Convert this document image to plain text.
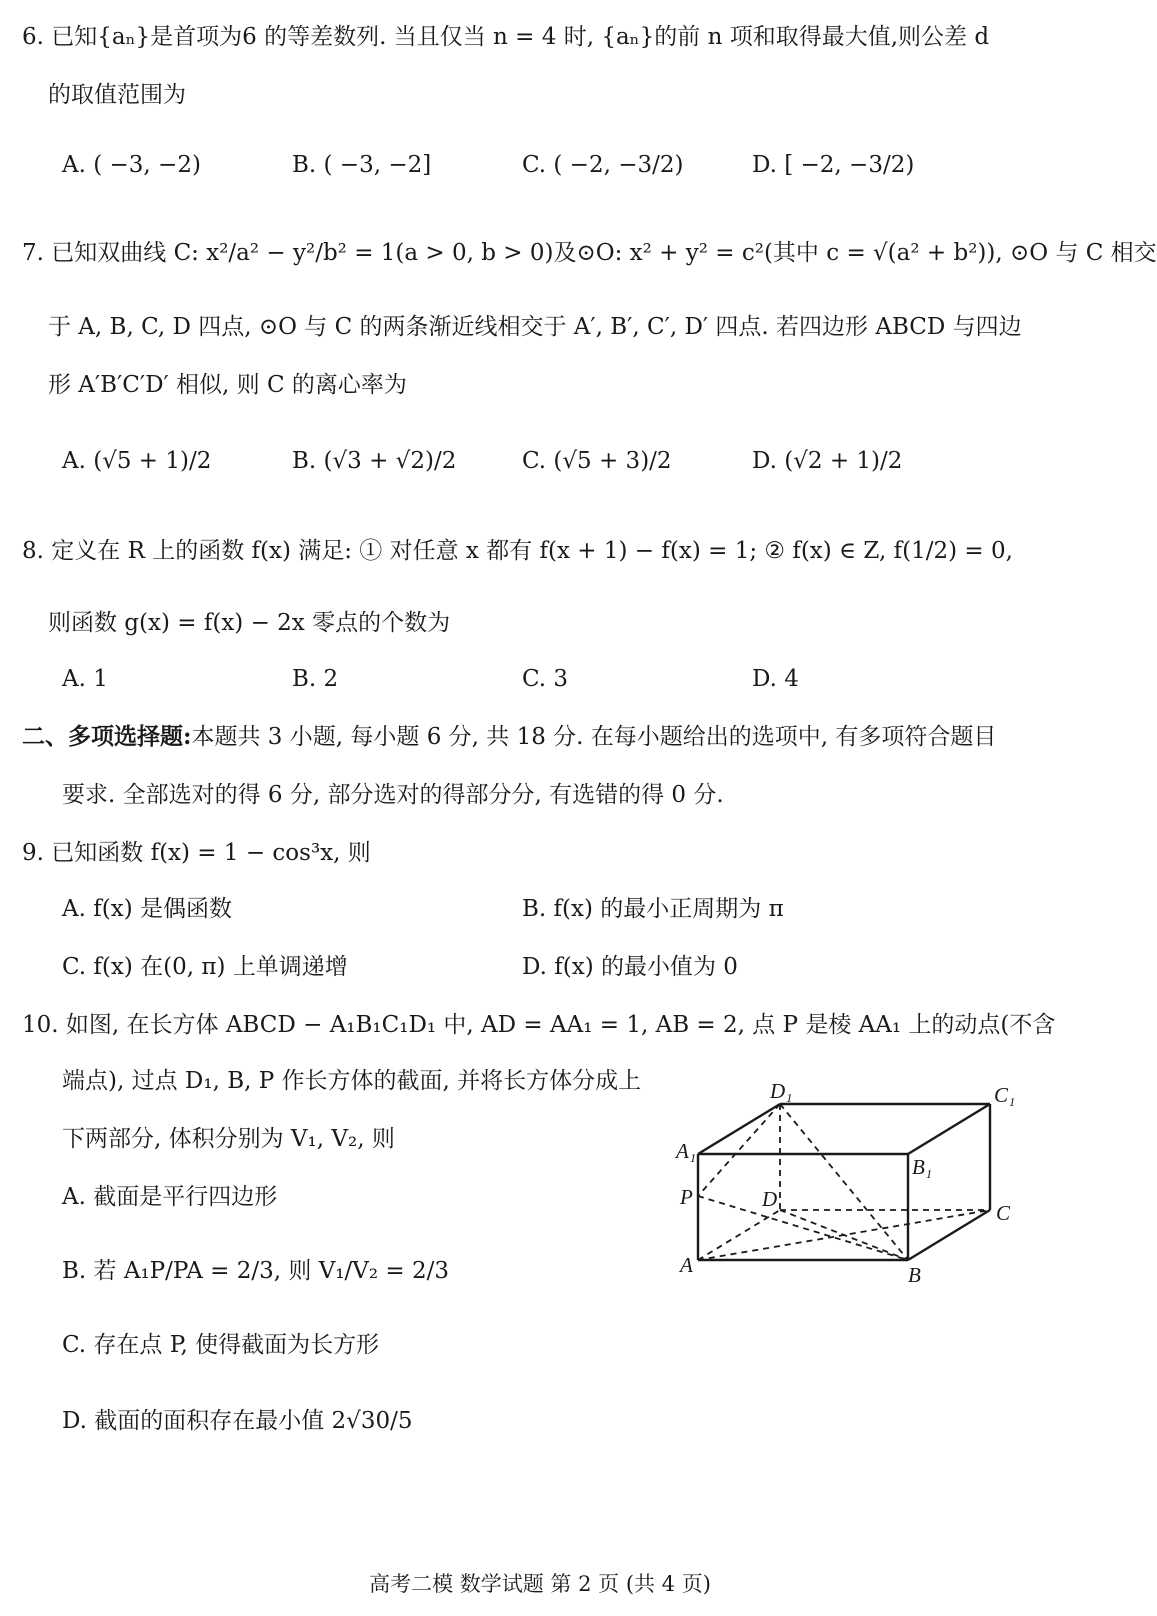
6. 已知{aₙ}是首项为6 的等差数列. 当且仅当 n = 4 时, {aₙ}的前 n 项和取得最大值,则公差 d
的取值范围为
A. ( −3, −2)	B. ( −3, −2]	C. ( −2, −3/2)	D. [ −2, −3/2)
7. 已知双曲线 C: x²/a² − y²/b² = 1(a > 0, b > 0)及⊙O: x² + y² = c²(其中 c = √(a² + b²)), ⊙O 与 C 相交
于 A, B, C, D 四点, ⊙O 与 C 的两条渐近线相交于 A′, B′, C′, D′ 四点. 若四边形 ABCD 与四边
形 A′B′C′D′ 相似, 则 C 的离心率为
A. (√5 + 1)/2	B. (√3 + √2)/2	C. (√5 + 3)/2	D. (√2 + 1)/2
8. 定义在 R 上的函数 f(x) 满足: ① 对任意 x 都有 f(x + 1) − f(x) = 1; ② f(x) ∈ Z, f(1/2) = 0,
则函数 g(x) = f(x) − 2x 零点的个数为
A. 1	B. 2	C. 3	D. 4
二、多项选择题:本题共 3 小题, 每小题 6 分, 共 18 分. 在每小题给出的选项中, 有多项符合题目
要求. 全部选对的得 6 分, 部分选对的得部分分, 有选错的得 0 分.
9. 已知函数 f(x) = 1 − cos³x, 则
A. f(x) 是偶函数	B. f(x) 的最小正周期为 π
C. f(x) 在(0, π) 上单调递增	D. f(x) 的最小值为 0
10. 如图, 在长方体 ABCD − A₁B₁C₁D₁ 中, AD = AA₁ = 1, AB = 2, 点 P 是棱 AA₁ 上的动点(不含
端点), 过点 D₁, B, P 作长方体的截面, 并将长方体分成上
下两部分, 体积分别为 V₁, V₂, 则
A. 截面是平行四边形
B. 若 A₁P/PA = 2/3, 则 V₁/V₂ = 2/3
C. 存在点 P, 使得截面为长方形
D. 截面的面积存在最小值 2√30/5
D₁	C₁
A₁
B₁
P	D
C
A	B
高考二模 数学试题 第 2 页 (共 4 页)
